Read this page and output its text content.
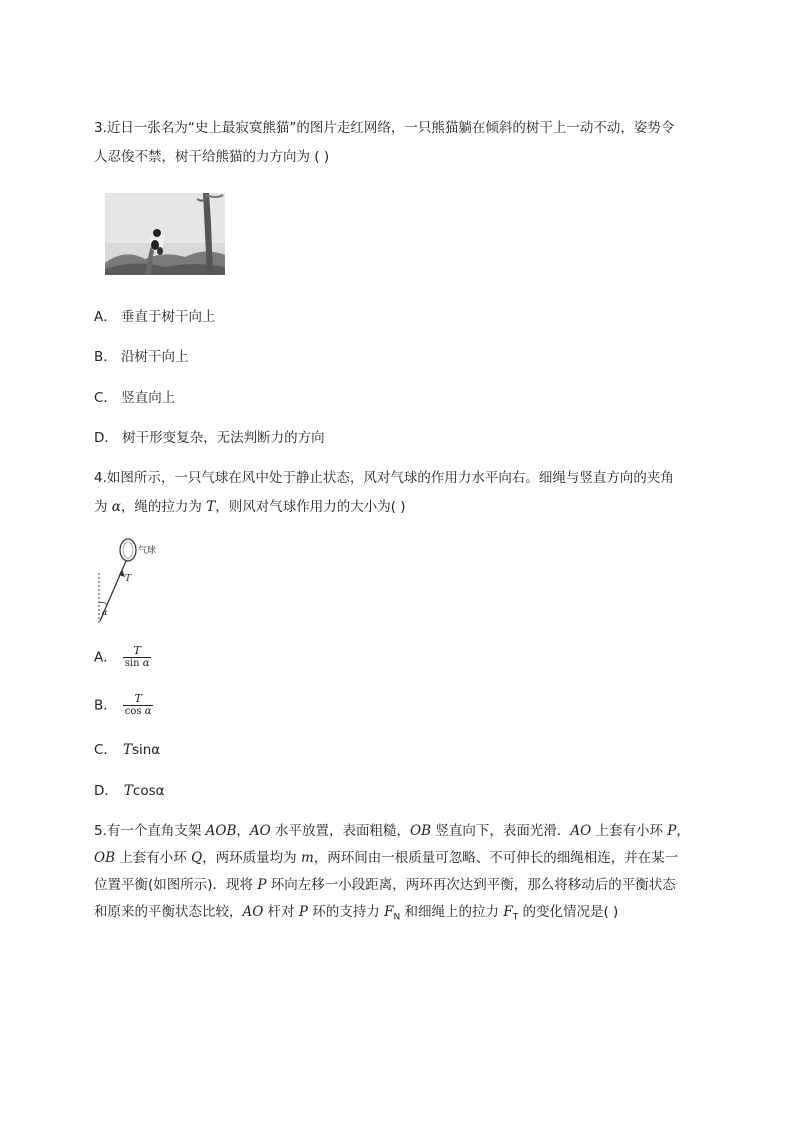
3.近日一张名为“史上最寂寞熊猫”的图片走红网络，一只熊猫躺在倾斜的树干上一动不动，姿势令
人忍俊不禁，树干给熊猫的力方向为 ( )
A． 垂直于树干向上
B． 沿树干向上
C． 竖直向上
D． 树干形变复杂，无法判断力的方向
4.如图所示，一只气球在风中处于静止状态，风对气球的作用力水平向右。细绳与竖直方向的夹角
为 α，绳的拉力为 T，则风对气球作用力的大小为( )
气球
T
α
A． $\frac{T}{\text{sin α}}$
B． $\frac{T}{\text{cos α}}$
C． Tsinα
D． Tcosα
5.有一个直角支架 AOB，AO 水平放置，表面粗糙，OB 竖直向下，表面光滑．AO 上套有小环 P，
OB 上套有小环 Q，两环质量均为 m，两环间由一根质量可忽略、不可伸长的细绳相连，并在某一
位置平衡(如图所示)．现将 P 环向左移一小段距离，两环再次达到平衡，那么将移动后的平衡状态
和原来的平衡状态比较，AO 杆对 P 环的支持力 $F_N$ 和细绳上的拉力 $F_T$ 的变化情况是( )
